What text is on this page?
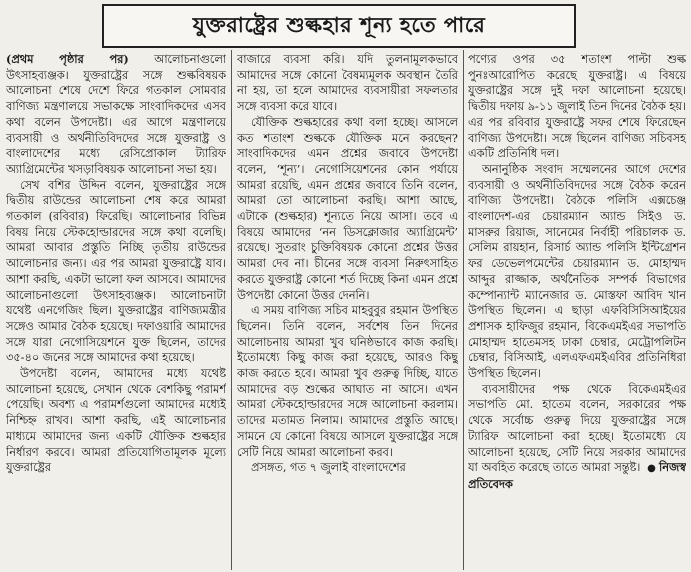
যুক্তরাষ্ট্রের শুল্কহার শূন্য হতে পারে

(প্রথম পৃষ্ঠার পর) আলোচনাগুলো উৎসাহব্যঞ্জক। যুক্তরাষ্ট্রের সঙ্গে শুল্কবিষয়ক আলোচনা শেষে দেশে ফিরে গতকাল সোমবার বাণিজ্য মন্ত্রণালয়ে সভাকক্ষে সাংবাদিকদের এসব কথা বলেন উপদেষ্টা। এর আগে মন্ত্রণালয়ে ব্যবসায়ী ও অর্থনীতিবিদদের সঙ্গে যুক্তরাষ্ট্র ও বাংলাদেশের মধ্যে রেসিপ্রোকাল ট্যারিফ অ্যাগ্রিমেন্টের খসড়াবিষয়ক আলোচনা সভা হয়।

সেখ বশির উদ্দিন বলেন, যুক্তরাষ্ট্রের সঙ্গে দ্বিতীয় রাউন্ডের আলোচনা শেষ করে আমরা গতকাল (রবিবার) ফিরেছি। আলোচনার বিভিন্ন বিষয় নিয়ে স্টেকহোল্ডারদের সঙ্গে কথা বলেছি। আমরা আবার প্রস্তুতি নিচ্ছি তৃতীয় রাউন্ডের আলোচনার জন্য। এর পর আমরা যুক্তরাষ্ট্রে যাব। আশা করছি, একটা ভালো ফল আসবে। আমাদের আলোচনাগুলো উৎসাহব্যঞ্জক। আলোচনাটা যথেষ্ট এনগেজিং ছিল। যুক্তরাষ্ট্রের বাণিজ্যমন্ত্রীর সঙ্গেও আমার বৈঠক হয়েছে। দফাওয়ারি আমাদের সঙ্গে যারা নেগোসিয়েশনে যুক্ত ছিলেন, তাদের ৩৫-৪০ জনের সঙ্গে আমাদের কথা হয়েছে।

উপদেষ্টা বলেন, আমাদের মধ্যে যথেষ্ট আলোচনা হয়েছে, সেখান থেকে বেশকিছু পরামর্শ পেয়েছি। অবশ্য এ পরামর্শগুলো আমাদের মধ্যেই নিশ্চিহ্ন রাখব। আশা করছি, এই আলোচনার মাধ্যমে আমাদের জন্য একটি যৌক্তিক শুল্কহার নির্ধারণ করবে। আমরা প্রতিযোগিতামূলক মূল্যে যুক্তরাষ্ট্রের

বাজারে ব্যবসা করি। যদি তুলনামূলকভাবে আমাদের সঙ্গে কোনো বৈষম্যমূলক অবস্থান তৈরি না হয়, তা হলে আমাদের ব্যবসায়ীরা সফলতার সঙ্গে ব্যবসা করে যাবে।

যৌক্তিক শুল্কহারের কথা বলা হচ্ছে। আসলে কত শতাংশ শুল্ককে যৌক্তিক মনে করছেন? সাংবাদিকদের এমন প্রশ্নের জবাবে উপদেষ্টা বলেন, ‘শূন্য’। নেগোসিয়েশনের কোন পর্যায়ে আমরা রয়েছি, এমন প্রশ্নের জবাবে তিনি বলেন, আমরা তো আলোচনা করছি। আশা আছে, এটাকে (শুল্কহার) শূন্যতে নিয়ে আসা। তবে এ বিষয়ে আমাদের ‘নন ডিসক্লোজার অ্যাগ্রিমেন্ট’ রয়েছে। সুতরাং চুক্তিবিষয়ক কোনো প্রশ্নের উত্তর আমরা দেব না। চীনের সঙ্গে ব্যবসা নিরুৎসাহিত করতে যুক্তরাষ্ট্র কোনো শর্ত দিচ্ছে কিনা এমন প্রশ্নে উপদেষ্টা কোনো উত্তর দেননি।

এ সময় বাণিজ্য সচিব মাহবুবুর রহমান উপস্থিত ছিলেন। তিনি বলেন, সর্বশেষ তিন দিনের আলোচনায় আমরা খুব ঘনিষ্ঠভাবে কাজ করছি। ইতোমধ্যে কিছু কাজ করা হয়েছে, আরও কিছু কাজ করতে হবে। আমরা খুব গুরুত্ব দিচ্ছি, যাতে আমাদের বড় শুল্কের আঘাত না আসে। এখন আমরা স্টেকহোল্ডারদের সঙ্গে আলোচনা করলাম। তাদের মতামত নিলাম। আমাদের প্রস্তুতি আছে। সামনে যে কোনো বিষয়ে আসলে যুক্তরাষ্ট্রের সঙ্গে সেটি নিয়ে আমরা আলোচনা করব।

প্রসঙ্গত, গত ৭ জুলাই বাংলাদেশের

পণ্যের ওপর ৩৫ শতাংশ পাল্টা শুল্ক পুনঃআরোপিত করেছে যুক্তরাষ্ট্র। এ বিষয়ে যুক্তরাষ্ট্রের সঙ্গে দুই দফা আলোচনা হয়েছে। দ্বিতীয় দফায় ৯-১১ জুলাই তিন দিনের বৈঠক হয়। এর পর রবিবার যুক্তরাষ্ট্রে সফর শেষে ফিরেছেন বাণিজ্য উপদেষ্টা। সঙ্গে ছিলেন বাণিজ্য সচিবসহ একটি প্রতিনিধি দল।

অনানুষ্ঠিক সংবাদ সম্মেলনের আগে দেশের ব্যবসায়ী ও অর্থনীতিবিদদের সঙ্গে বৈঠক করেন বাণিজ্য উপদেষ্টা। বৈঠকে পলিসি এক্সচেঞ্জ বাংলাদেশ-এর চেয়ারম্যান অ্যান্ড সিইও ড. মাসরুর রিয়াজ, সানেমের নির্বাহী পরিচালক ড. সেলিম রায়হান, রিসার্চ অ্যান্ড পলিসি ইন্টিগ্রেশন ফর ডেভেলপমেন্টের চেয়ারম্যান ড. মোহাম্মদ আব্দুর রাজ্জাক, অর্থনৈতিক সম্পর্ক বিভাগের কম্পোন্যান্ট ম্যানেজার ড. মোস্তফা আবিদ খান উপস্থিত ছিলেন। এ ছাড়া এফবিসিসিআইয়ের প্রশাসক হাফিজুর রহমান, বিকেএমইএর সভাপতি মোহাম্মদ হাতেমসহ ঢাকা চেম্বার, মেট্রোপলিটন চেম্বার, বিসিআই, এলএফএমইএবির প্রতিনিধিরা উপস্থিত ছিলেন।

ব্যবসায়ীদের পক্ষ থেকে বিকেএমইএর সভাপতি মো. হাতেম বলেন, সরকারের পক্ষ থেকে সর্বোচ্চ গুরুত্ব দিয়ে যুক্তরাষ্ট্রের সঙ্গে ট্যারিফ আলোচনা করা হচ্ছে। ইতোমধ্যে যে আলোচনা হয়েছে, সেটি নিয়ে সরকার আমাদের যা অবহিত করেছে তাতে আমরা সন্তুষ্ট। ● নিজস্ব প্রতিবেদক
